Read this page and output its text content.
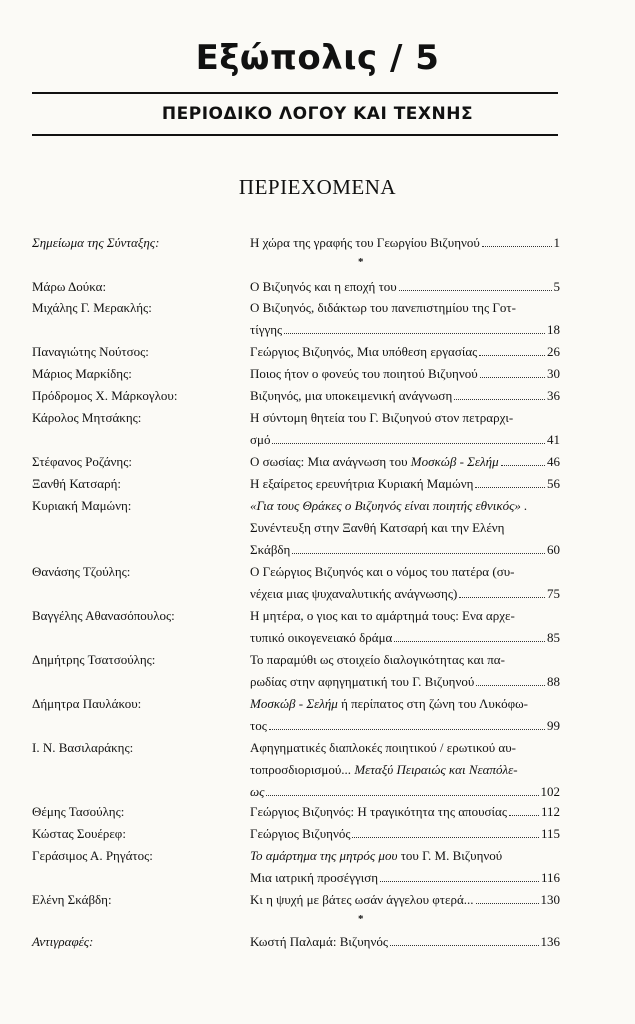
Εξώπολις / 5
ΠΕΡΙΟΔΙΚΟ ΛΟΓΟΥ ΚΑΙ ΤΕΧΝΗΣ
ΠΕΡΙΕΧΟΜΕΝΑ
Σημείωμα της Σύνταξης:	Η χώρα της γραφής του Γεωργίου Βιζυηνού	1
*
Μάρω Δούκα:	Ο Βιζυηνός και η εποχή του	5
Μιχάλης Γ. Μερακλής:	Ο Βιζυηνός, διδάκτωρ του πανεπιστημίου της Γοτ-
τίγγης	18
Παναγιώτης Νούτσος:	Γεώργιος Βιζυηνός, Μια υπόθεση εργασίας	26
Μάριος Μαρκίδης:	Ποιος ήτον ο φονεύς του ποιητού Βιζυηνού	30
Πρόδρομος Χ. Μάρκογλου:	Βιζυηνός, μια υποκειμενική ανάγνωση	36
Κάρολος Μητσάκης:	Η σύντομη θητεία του Γ. Βιζυηνού στον πετραρχι-
σμό	41
Στέφανος Ροζάνης:	Ο σωσίας: Μια ανάγνωση του Μοσκώβ - Σελήμ	46
Ξανθή Κατσαρή:	Η εξαίρετος ερευνήτρια Κυριακή Μαμώνη	56
Κυριακή Μαμώνη:	«Για τους Θράκες ο Βιζυηνός είναι ποιητής εθνικός» .
Συνέντευξη στην Ξανθή Κατσαρή και την Ελένη
Σκάβδη	60
Θανάσης Τζούλης:	Ο Γεώργιος Βιζυηνός και ο νόμος του πατέρα (συ-
νέχεια μιας ψυχαναλυτικής ανάγνωσης)	75
Βαγγέλης Αθανασόπουλος:	Η μητέρα, ο γιος και το αμάρτημά τους: Ενα αρχε-
τυπικό οικογενειακό δράμα	85
Δημήτρης Τσατσούλης:	Το παραμύθι ως στοιχείο διαλογικότητας και πα-
ρωδίας στην αφηγηματική του Γ. Βιζυηνού	88
Δήμητρα Παυλάκου:	Μοσκώβ - Σελήμ ή περίπατος στη ζώνη του Λυκόφω-
τος	99
Ι. Ν. Βασιλαράκης:	Αφηγηματικές διαπλοκές ποιητικού / ερωτικού αυ-
τοπροσδιορισμού... Μεταξύ Πειραιώς και Νεαπόλε-
ως	102
Θέμης Τασούλης:	Γεώργιος Βιζυηνός: Η τραγικότητα της απουσίας	112
Κώστας Σουέρεφ:	Γεώργιος Βιζυηνός	115
Γεράσιμος Α. Ρηγάτος:	Το αμάρτημα της μητρός μου του Γ. Μ. Βιζυηνού
Μια ιατρική προσέγγιση	116
Ελένη Σκάβδη:	Κι η ψυχή με βάτες ωσάν άγγελου φτερά...	130
*
Αντιγραφές:	Κωστή Παλαμά: Βιζυηνός	136
